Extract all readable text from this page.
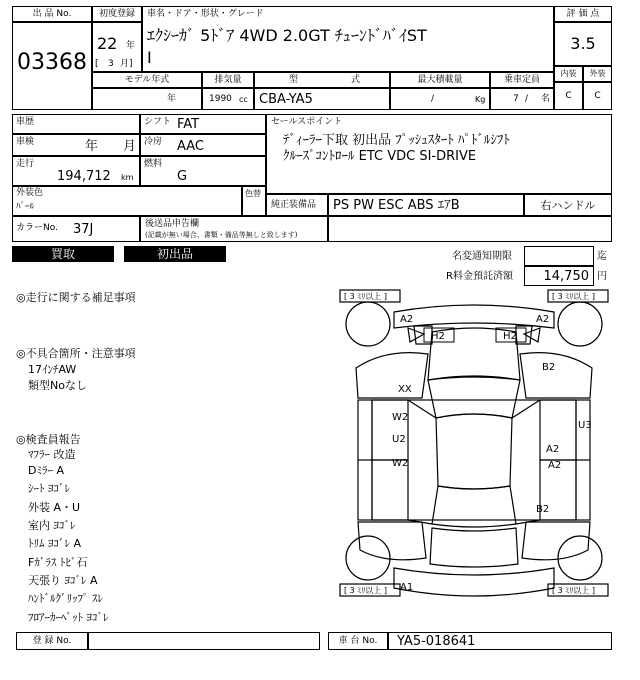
出 品 No.
03368
初度登録
22 年
[ 3 月]
車名・ドア・形状・グレード
ｴｸｼｰｶﾞ 5ﾄﾞｱ 4WD 2.0GT ﾁｭｰﾝﾄﾞﾊﾞｲST
I
評 価 点
3.5
内装	外装
C	C
モデル年式
年
排気量
1990 cc
型	式
CBA-YA5
最大積載量
/	Kg
乗車定員
7 / 名
車歴
車検	年 月
走行
194,712 km
シフト FAT
冷房 AAC
燃料
G
セールスポイント
ﾃﾞｨｰﾗｰ下取 初出品 ﾌﾟｯｼｭｽﾀｰﾄ ﾊﾟﾄﾞﾙｼﾌﾄ
ｸﾙｰｽﾞｺﾝﾄﾛｰﾙ ETC VDC SI-DRIVE
外装色
ﾊﾟｰﾙ
色替
純正装備品 PS PW ESC ABS ｴｱB	右ハンドル
カラーNo. 37J	後送品申告欄
(記載が無い場合、書類・備品等無しと致します)
買取	初出品	名変通知期限	迄
R料金預託済額 14,750 円
◎走行に関する補足事項
◎不具合箇所・注意事項
17ｲﾝﾁAW
類型Noなし
◎検査員報告
ﾏﾌﾗｰ 改造
Dﾐﾗｰ A
ｼｰﾄ ﾖｺﾞﾚ
外装 A・U
室内 ﾖｺﾞﾚ
ﾄﾘﾑ ﾖｺﾞﾚ A
Fｶﾞﾗｽ ﾄﾋﾞ石
天張り ﾖｺﾞﾚ A
ﾊﾝﾄﾞﾙｸﾞﾘｯﾌﾟ ｽﾚ
ﾌﾛｱｰｶｰﾍﾟｯﾄ ﾖｺﾞﾚ
[ 3 ﾐﾘ以上 ]	[ 3 ﾐﾘ以上 ]
[ 3 ﾐﾘ以上 ]	[ 3 ﾐﾘ以上 ]
A2	A2
H2	H2
B2
XX
W2
U3
U2
A2
W2	A2
B2
A1
登 録 No.	車 台 No.	YA5-018641
